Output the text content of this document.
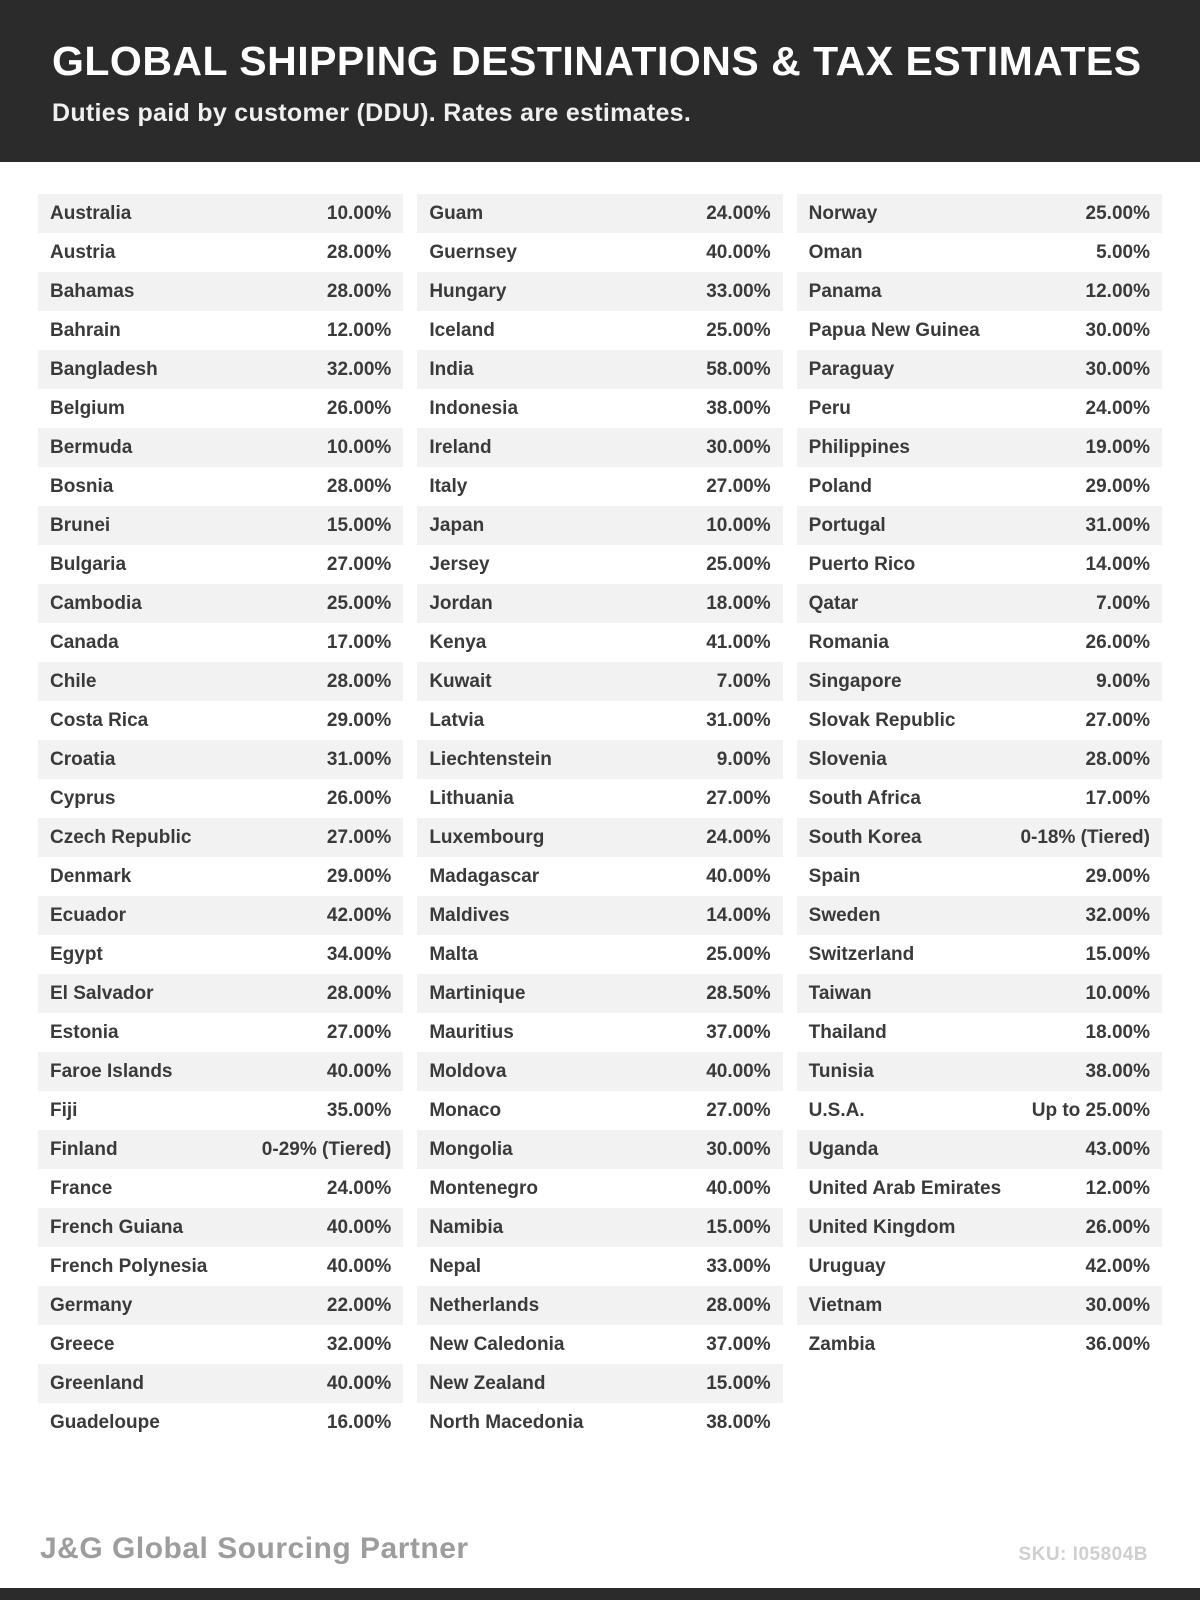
GLOBAL SHIPPING DESTINATIONS & TAX ESTIMATES
Duties paid by customer (DDU). Rates are estimates.
Australia	10.00%
Austria	28.00%
Bahamas	28.00%
Bahrain	12.00%
Bangladesh	32.00%
Belgium	26.00%
Bermuda	10.00%
Bosnia	28.00%
Brunei	15.00%
Bulgaria	27.00%
Cambodia	25.00%
Canada	17.00%
Chile	28.00%
Costa Rica	29.00%
Croatia	31.00%
Cyprus	26.00%
Czech Republic	27.00%
Denmark	29.00%
Ecuador	42.00%
Egypt	34.00%
El Salvador	28.00%
Estonia	27.00%
Faroe Islands	40.00%
Fiji	35.00%
Finland	0-29% (Tiered)
France	24.00%
French Guiana	40.00%
French Polynesia	40.00%
Germany	22.00%
Greece	32.00%
Greenland	40.00%
Guadeloupe	16.00%
Guam	24.00%
Guernsey	40.00%
Hungary	33.00%
Iceland	25.00%
India	58.00%
Indonesia	38.00%
Ireland	30.00%
Italy	27.00%
Japan	10.00%
Jersey	25.00%
Jordan	18.00%
Kenya	41.00%
Kuwait	7.00%
Latvia	31.00%
Liechtenstein	9.00%
Lithuania	27.00%
Luxembourg	24.00%
Madagascar	40.00%
Maldives	14.00%
Malta	25.00%
Martinique	28.50%
Mauritius	37.00%
Moldova	40.00%
Monaco	27.00%
Mongolia	30.00%
Montenegro	40.00%
Namibia	15.00%
Nepal	33.00%
Netherlands	28.00%
New Caledonia	37.00%
New Zealand	15.00%
North Macedonia	38.00%
Norway	25.00%
Oman	5.00%
Panama	12.00%
Papua New Guinea	30.00%
Paraguay	30.00%
Peru	24.00%
Philippines	19.00%
Poland	29.00%
Portugal	31.00%
Puerto Rico	14.00%
Qatar	7.00%
Romania	26.00%
Singapore	9.00%
Slovak Republic	27.00%
Slovenia	28.00%
South Africa	17.00%
South Korea	0-18% (Tiered)
Spain	29.00%
Sweden	32.00%
Switzerland	15.00%
Taiwan	10.00%
Thailand	18.00%
Tunisia	38.00%
U.S.A.	Up to 25.00%
Uganda	43.00%
United Arab Emirates	12.00%
United Kingdom	26.00%
Uruguay	42.00%
Vietnam	30.00%
Zambia	36.00%
J&G Global Sourcing Partner	SKU: I05804B
